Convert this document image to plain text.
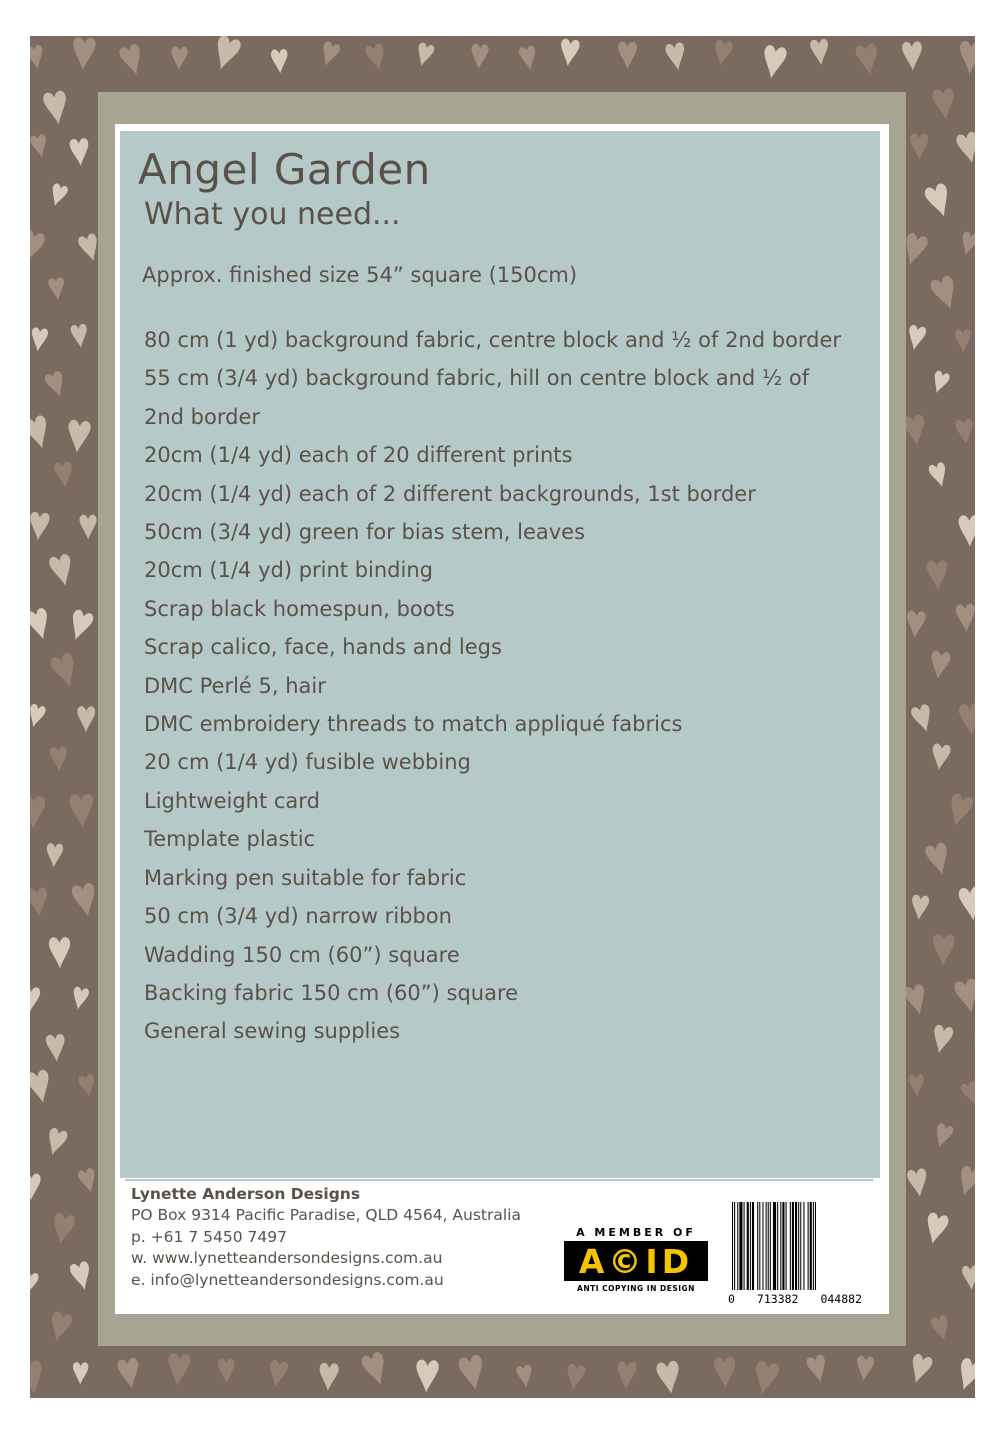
Angel Garden
What you need...
Approx. finished size 54” square (150cm)
80 cm (1 yd) background fabric, centre block and ½ of 2nd border
55 cm (3/4 yd) background fabric, hill on centre block and ½ of
2nd border
20cm (1/4 yd) each of 20 different prints
20cm (1/4 yd) each of 2 different backgrounds, 1st border
50cm (3/4 yd) green for bias stem, leaves
20cm (1/4 yd) print binding
Scrap black homespun, boots
Scrap calico, face, hands and legs
DMC Perlé 5, hair
DMC embroidery threads to match appliqué fabrics
20 cm (1/4 yd) fusible webbing
Lightweight card
Template plastic
Marking pen suitable for fabric
50 cm (3/4 yd) narrow ribbon
Wadding 150 cm (60”) square
Backing fabric 150 cm (60”) square
General sewing supplies
Lynette Anderson Designs
PO Box 9314 Pacific Paradise, QLD 4564, Australia
p. +61 7 5450 7497
w. www.lynetteandersondesigns.com.au
e. info@lynetteandersondesigns.com.au
A MEMBER OF
A©ID
ANTI COPYING IN DESIGN
0 713382 044882
